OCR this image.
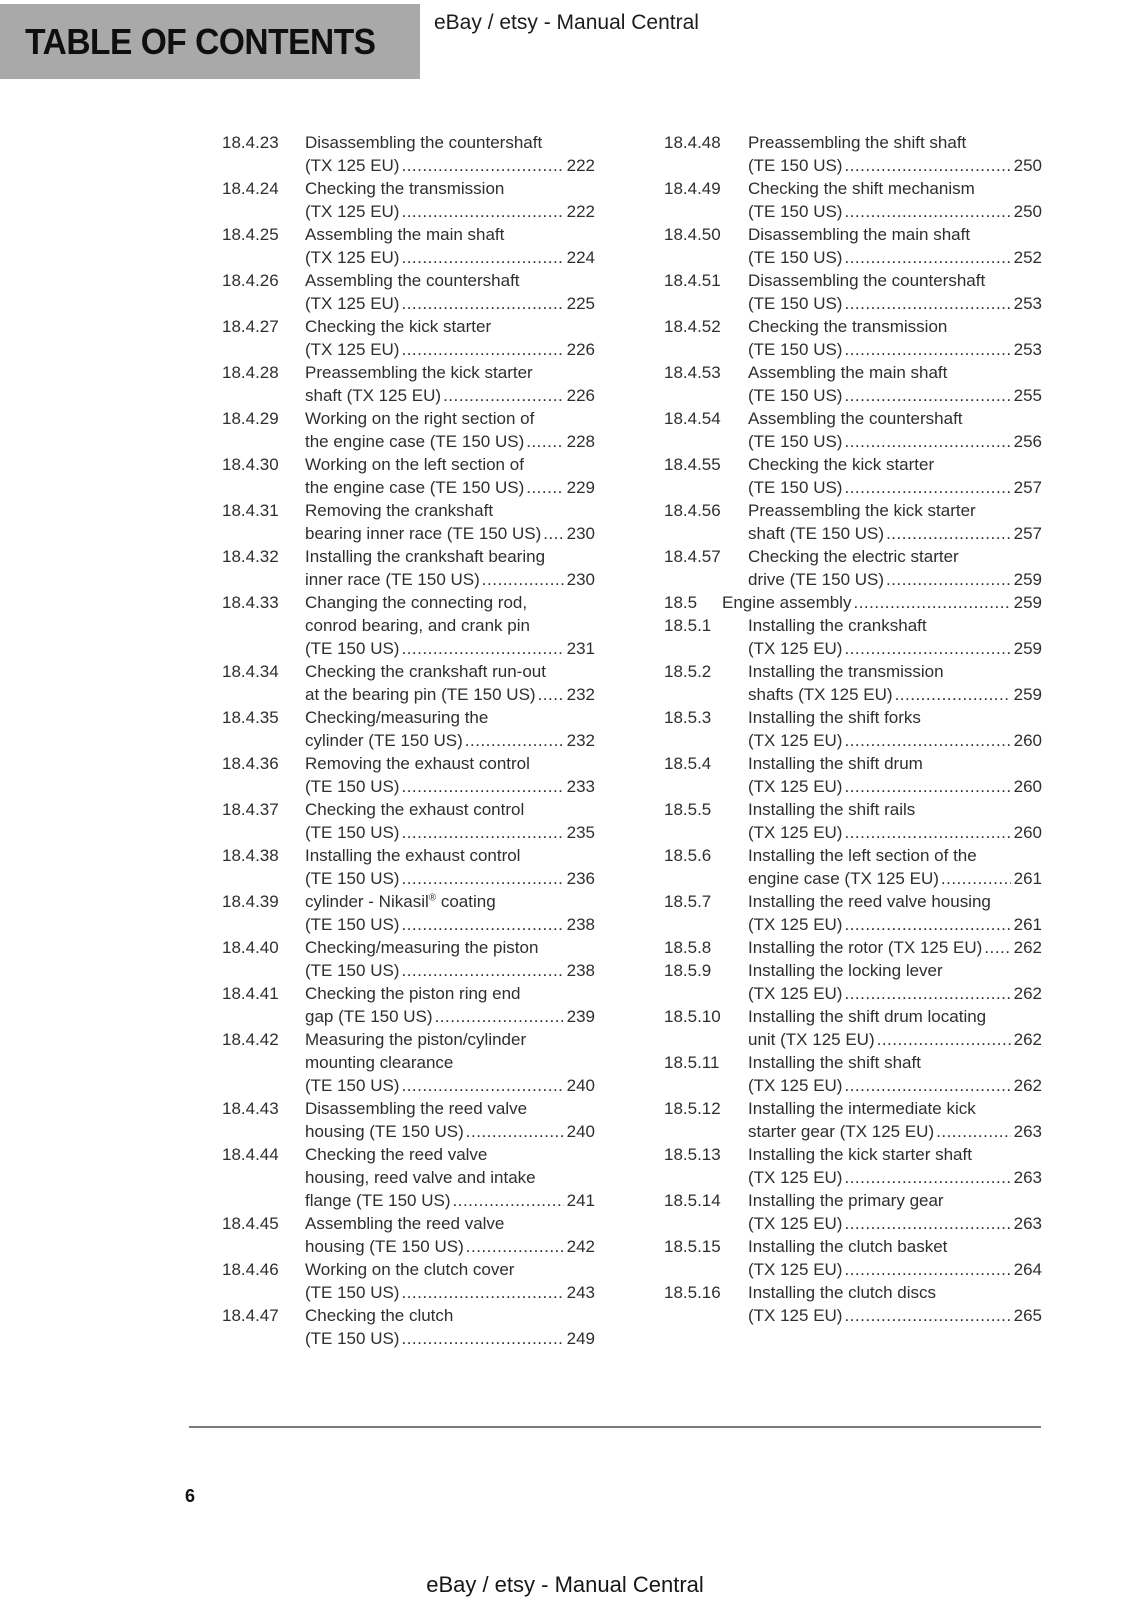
TABLE OF CONTENTS	eBay / etsy - Manual Central
18.4.23	Disassembling the countershaft
(TX 125 EU) .....	222
18.4.24	Checking the transmission
(TX 125 EU) .....	222
18.4.25	Assembling the main shaft
(TX 125 EU) .....	224
18.4.26	Assembling the countershaft
(TX 125 EU) .....	225
18.4.27	Checking the kick starter
(TX 125 EU) .....	226
18.4.28	Preassembling the kick starter
shaft (TX 125 EU) .....	226
18.4.29	Working on the right section of
the engine case (TE 150 US) ..... 228
18.4.30	Working on the left section of
the engine case (TE 150 US) ..... 229
18.4.31	Removing the crankshaft
bearing inner race (TE 150 US) ..... 230
18.4.32	Installing the crankshaft bearing
inner race (TE 150 US) .....	230
18.4.33	Changing the connecting rod,
conrod bearing, and crank pin
(TE 150 US) .....	231
18.4.34	Checking the crankshaft run-out
at the bearing pin (TE 150 US) ..... 232
18.4.35	Checking/measuring the
cylinder (TE 150 US) .....	232
18.4.36	Removing the exhaust control
(TE 150 US) .....	233
18.4.37	Checking the exhaust control
(TE 150 US) .....	235
18.4.38	Installing the exhaust control
(TE 150 US) .....	236
18.4.39	cylinder - Nikasil® coating
(TE 150 US) .....	238
18.4.40	Checking/measuring the piston
(TE 150 US) .....	238
18.4.41	Checking the piston ring end
gap (TE 150 US) .....	239
18.4.42	Measuring the piston/cylinder
mounting clearance
(TE 150 US) .....	240
18.4.43	Disassembling the reed valve
housing (TE 150 US) .....	240
18.4.44	Checking the reed valve
housing, reed valve and intake
flange (TE 150 US) .....	241
18.4.45	Assembling the reed valve
housing (TE 150 US) .....	242
18.4.46	Working on the clutch cover
(TE 150 US) .....	243
18.4.47	Checking the clutch
(TE 150 US) .....	249
18.4.48	Preassembling the shift shaft
(TE 150 US) .....	250
18.4.49	Checking the shift mechanism
(TE 150 US) .....	250
18.4.50	Disassembling the main shaft
(TE 150 US) .....	252
18.4.51	Disassembling the countershaft
(TE 150 US) .....	253
18.4.52	Checking the transmission
(TE 150 US) .....	253
18.4.53	Assembling the main shaft
(TE 150 US) .....	255
18.4.54	Assembling the countershaft
(TE 150 US) .....	256
18.4.55	Checking the kick starter
(TE 150 US) .....	257
18.4.56	Preassembling the kick starter
shaft (TE 150 US) .....	257
18.4.57	Checking the electric starter
drive (TE 150 US) .....	259
18.5	Engine assembly .....	259
18.5.1	Installing the crankshaft
(TX 125 EU) .....	259
18.5.2	Installing the transmission
shafts (TX 125 EU) .....	259
18.5.3	Installing the shift forks
(TX 125 EU) .....	260
18.5.4	Installing the shift drum
(TX 125 EU) .....	260
18.5.5	Installing the shift rails
(TX 125 EU) .....	260
18.5.6	Installing the left section of the
engine case (TX 125 EU) .....	261
18.5.7	Installing the reed valve housing
(TX 125 EU) .....	261
18.5.8	Installing the rotor (TX 125 EU) ..... 262
18.5.9	Installing the locking lever
(TX 125 EU) .....	262
18.5.10	Installing the shift drum locating
unit (TX 125 EU) .....	262
18.5.11	Installing the shift shaft
(TX 125 EU) .....	262
18.5.12	Installing the intermediate kick
starter gear (TX 125 EU) .....	263
18.5.13	Installing the kick starter shaft
(TX 125 EU) .....	263
18.5.14	Installing the primary gear
(TX 125 EU) .....	263
18.5.15	Installing the clutch basket
(TX 125 EU) .....	264
18.5.16	Installing the clutch discs
(TX 125 EU) .....	265
6
eBay / etsy - Manual Central
